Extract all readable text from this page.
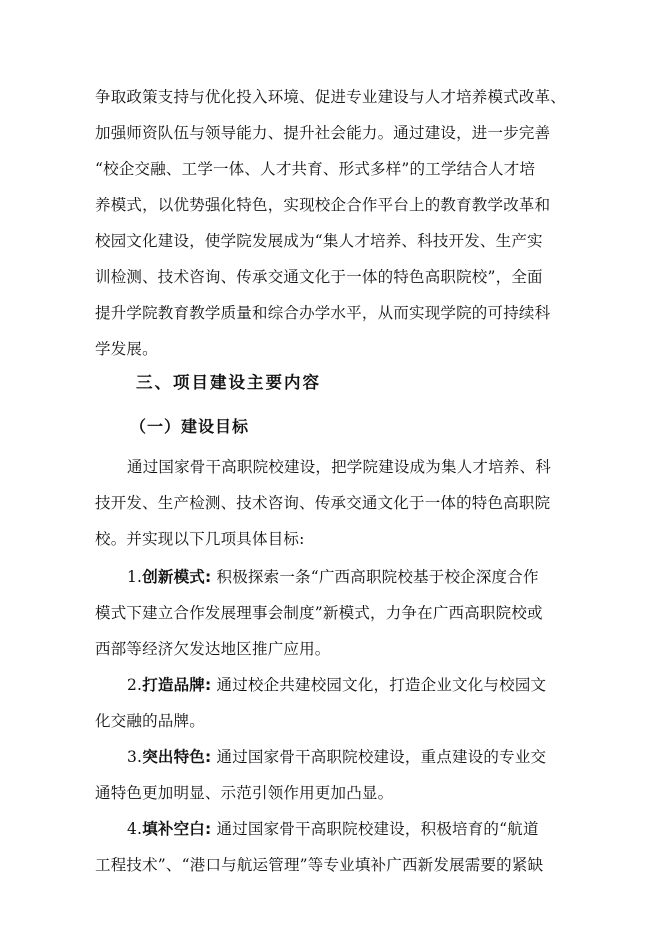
争取政策支持与优化投入环境、促进专业建设与人才培养模式改革、
加强师资队伍与领导能力、提升社会能力。通过建设，进一步完善
“校企交融、工学一体、人才共育、形式多样”的工学结合人才培
养模式，以优势强化特色，实现校企合作平台上的教育教学改革和
校园文化建设，使学院发展成为“集人才培养、科技开发、生产实
训检测、技术咨询、传承交通文化于一体的特色高职院校”，全面
提升学院教育教学质量和综合办学水平，从而实现学院的可持续科
学发展。
三、项目建设主要内容
（一）建设目标
通过国家骨干高职院校建设，把学院建设成为集人才培养、科
技开发、生产检测、技术咨询、传承交通文化于一体的特色高职院
校。并实现以下几项具体目标:
1.创新模式: 积极探索一条“广西高职院校基于校企深度合作
模式下建立合作发展理事会制度”新模式，力争在广西高职院校或
西部等经济欠发达地区推广应用。
2.打造品牌: 通过校企共建校园文化，打造企业文化与校园文
化交融的品牌。
3.突出特色: 通过国家骨干高职院校建设，重点建设的专业交
通特色更加明显、示范引领作用更加凸显。
4.填补空白: 通过国家骨干高职院校建设，积极培育的“航道
工程技术”、“港口与航运管理”等专业填补广西新发展需要的紧缺
